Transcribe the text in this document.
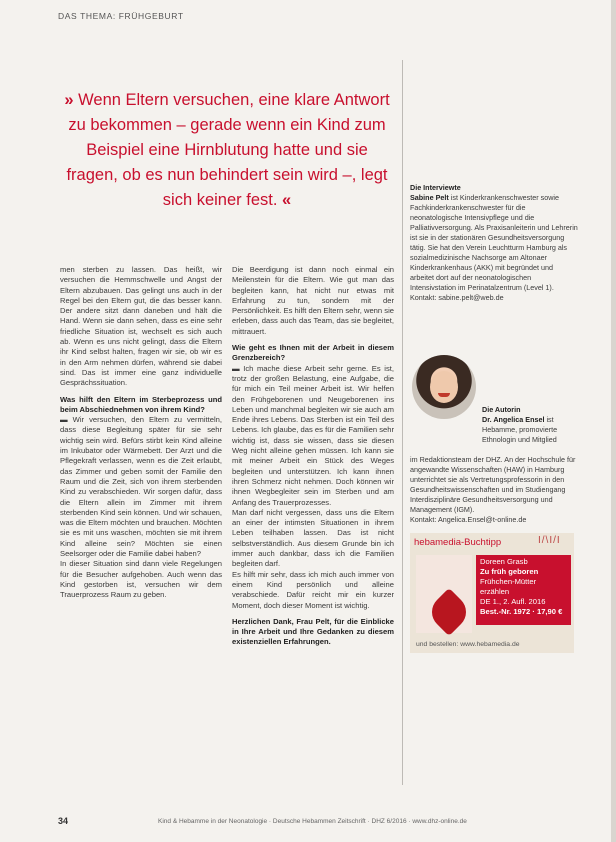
DAS THEMA: FRÜHGEBURT
» Wenn Eltern versuchen, eine klare Antwort zu bekommen – gerade wenn ein Kind zum Beispiel eine Hirnblutung hatte und sie fragen, ob es nun behindert sein wird –, legt sich keiner fest. «

men sterben zu lassen. Das heißt, wir versuchen die Hemmschwelle und Angst der Eltern abzubauen. Das gelingt uns auch in der Regel bei den Eltern gut, die das besser kann. Der andere sitzt dann daneben und hält die Hand. Wenn sie dann sehen, dass es eine sehr friedliche Situation ist, wechselt es sich auch ab. Wenn es uns nicht gelingt, dass die Eltern ihr Kind selbst halten, fragen wir sie, ob wir es in den Arm nehmen dürfen, während sie dabei sind. Das ist immer eine ganz individuelle Gesprächssituation.

Was hilft den Eltern im Sterbeprozess und beim Abschiednehmen von ihrem Kind?

▬ Wir versuchen, den Eltern zu vermitteln, dass diese Begleitung später für sie sehr wichtig sein wird. Befürs stirbt kein Kind alleine im Inkubator oder Wärmebett. Der Arzt und die Pflegekraft verlassen, wenn es die Zeit erlaubt, das Zimmer und geben somit der Familie den Raum und die Zeit, sich von ihrem sterbenden Kind zu verabschieden. Wir sorgen dafür, dass die Eltern allein im Zimmer mit ihrem sterbenden Kind sein können. Und wir schauen, was die Eltern möchten und brauchen. Möchten sie es mit uns waschen, möchten sie mit ihrem Kind alleine sein? Möchten sie einen Seelsorger oder die Familie dabei haben?

In dieser Situation sind dann viele Regelungen für die Besucher aufgehoben. Auch wenn das Kind gestorben ist, versuchen wir dem Trauerprozess Raum zu geben.

Die Beerdigung ist dann noch einmal ein Meilenstein für die Eltern. Wie gut man das begleiten kann, hat nicht nur etwas mit Erfahrung zu tun, sondern mit der Persönlichkeit. Es hilft den Eltern sehr, wenn sie erleben, dass auch das Team, das sie begleitet, mittrauert.

Wie geht es Ihnen mit der Arbeit in diesem Grenzbereich?

▬ Ich mache diese Arbeit sehr gerne. Es ist, trotz der großen Belastung, eine Aufgabe, die für mich ein Teil meiner Arbeit ist. Wir helfen den Frühgeborenen und Neugeborenen ins Leben und manchmal begleiten wir sie auch am Ende ihres Lebens. Das Sterben ist ein Teil des Lebens. Ich glaube, das es für die Familien sehr wichtig ist, dass sie wissen, dass sie diesen Weg nicht alleine gehen müssen. Ich kann sie mit meiner Arbeit ein Stück des Weges begleiten und unterstützen. Ich kann ihnen ihren Schmerz nicht nehmen. Doch können wir ihnen Wegbegleiter sein im Sterben und am Anfang des Trauerprozesses.

Man darf nicht vergessen, dass uns die Eltern an einer der intimsten Situationen in ihrem Leben teilhaben lassen. Das ist nicht selbstverständlich. Aus diesem Grunde bin ich immer auch dankbar, dass ich die Familien begleiten darf.

Es hilft mir sehr, dass ich mich auch immer von einem Kind persönlich und alleine verabschiede. Dafür reicht mir ein kurzer Moment, doch dieser Moment ist wichtig.

Herzlichen Dank, Frau Pelt, für die Einblicke in Ihre Arbeit und Ihre Gedanken zu diesem existenziellen Erfahrungen.

Die Interviewte
Sabine Pelt ist Kinderkrankenschwester sowie Fachkinderkrankenschwester für die neonatologische Intensivpflege und die Palliativversorgung. Als Praxisanleiterin und Lehrerin ist sie in der stationären Gesundheitsversorgung tätig. Sie hat den Verein Leuchtturm Hamburg als sozialmedizinische Nachsorge am Altonaer Kinderkrankenhaus (AKK) mit begründet und arbeitet dort auf der neonatologischen Intensivstation im Perinatalzentrum (Level 1).
Kontakt: sabine.pelt@web.de
Die Autorin
Dr. Angelica Ensel ist Hebamme, promovierte Ethnologin und Mitglied
im Redaktionsteam der DHZ. An der Hochschule für angewandte Wissenschaften (HAW) in Hamburg unterrichtet sie als Vertretungsprofessorin in den Gesundheitswissenschaften und im Studiengang Interdisziplinäre Gesundheitsversorgung und Management (IGM).
Kontakt: Angelica.Ensel@t-online.de
hebamedia-Buchtipp	I/\I/I
Doreen Grasb
Zu früh geboren
Frühchen-Mütter erzählen
DE 1., 2. Aufl. 2016
Best.-Nr. 1972 · 17,90 €
und bestellen: www.hebamedia.de
34	Kind & Hebamme in der Neonatologie · Deutsche Hebammen Zeitschrift · DHZ 6/2016 · www.dhz-online.de
